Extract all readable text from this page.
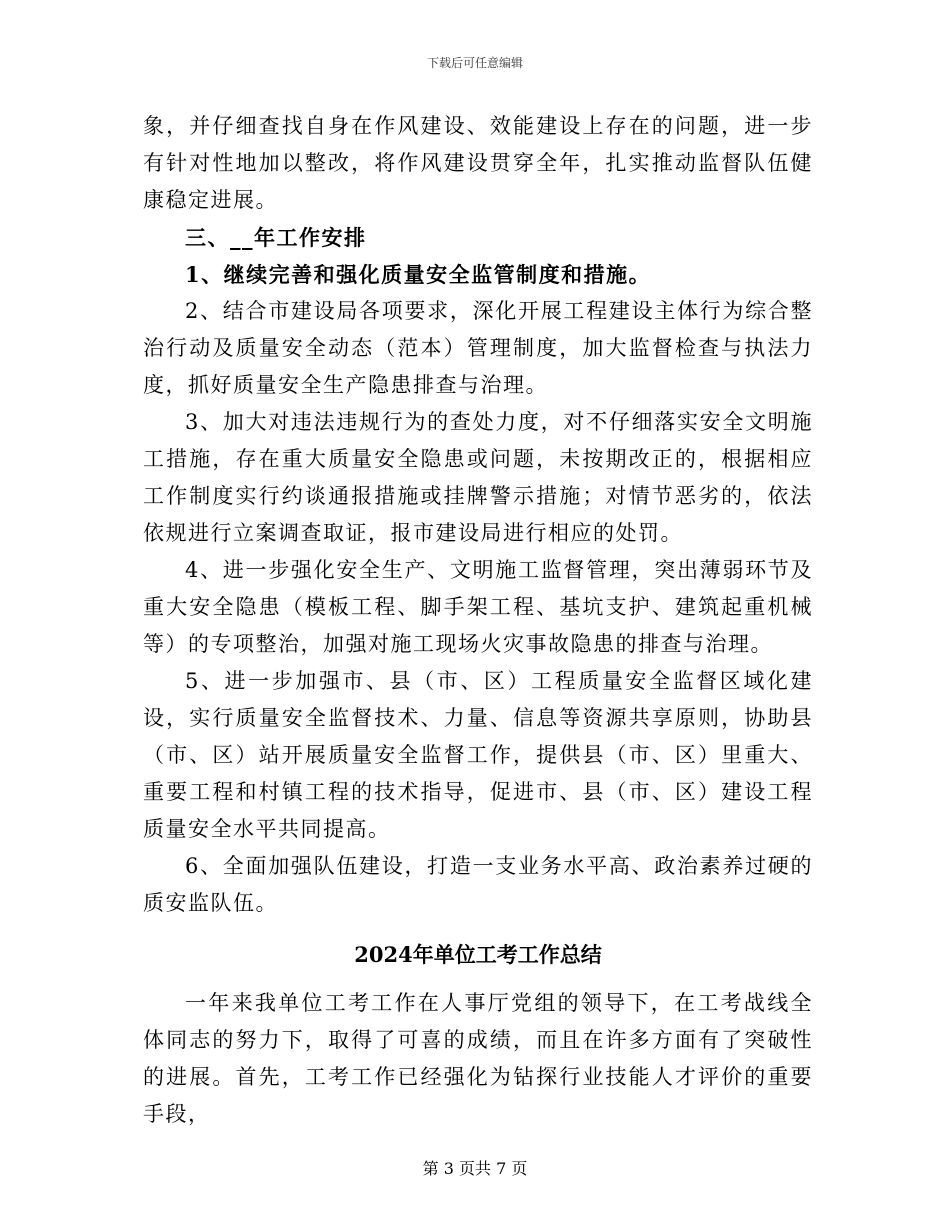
下载后可任意编辑

象，并仔细查找自身在作风建设、效能建设上存在的问题，进一步有针对性地加以整改，将作风建设贯穿全年，扎实推动监督队伍健康稳定进展。

三、__年工作安排

1、继续完善和强化质量安全监管制度和措施。

2、结合市建设局各项要求，深化开展工程建设主体行为综合整治行动及质量安全动态（范本）管理制度，加大监督检查与执法力度，抓好质量安全生产隐患排查与治理。

3、加大对违法违规行为的查处力度，对不仔细落实安全文明施工措施，存在重大质量安全隐患或问题，未按期改正的，根据相应工作制度实行约谈通报措施或挂牌警示措施；对情节恶劣的，依法依规进行立案调查取证，报市建设局进行相应的处罚。

4、进一步强化安全生产、文明施工监督管理，突出薄弱环节及重大安全隐患（模板工程、脚手架工程、基坑支护、建筑起重机械等）的专项整治，加强对施工现场火灾事故隐患的排查与治理。

5、进一步加强市、县（市、区）工程质量安全监督区域化建设，实行质量安全监督技术、力量、信息等资源共享原则，协助县（市、区）站开展质量安全监督工作，提供县（市、区）里重大、重要工程和村镇工程的技术指导，促进市、县（市、区）建设工程质量安全水平共同提高。

6、全面加强队伍建设，打造一支业务水平高、政治素养过硬的质安监队伍。

2024年单位工考工作总结

一年来我单位工考工作在人事厅党组的领导下，在工考战线全体同志的努力下，取得了可喜的成绩，而且在许多方面有了突破性的进展。首先，工考工作已经强化为钻探行业技能人才评价的重要手段，

第 3 页共 7 页
